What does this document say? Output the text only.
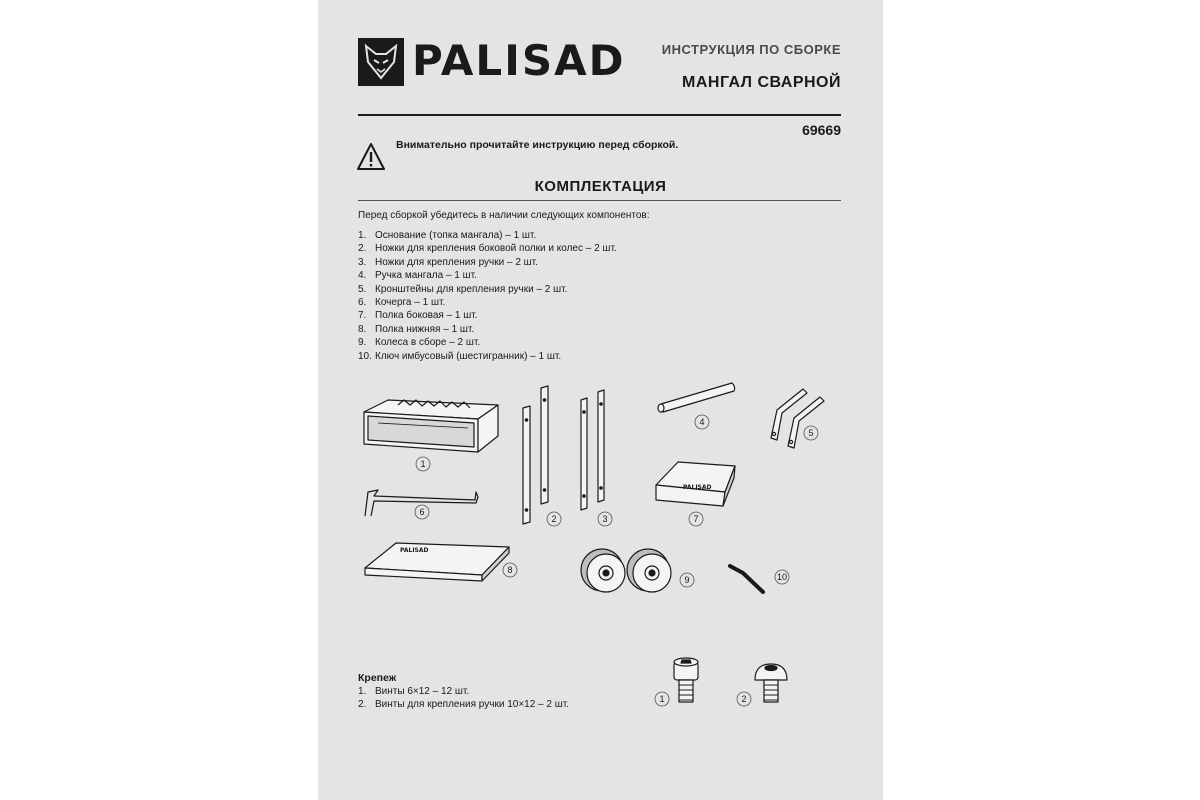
PALISAD	ИНСТРУКЦИЯ ПО СБОРКЕ
МАНГАЛ СВАРНОЙ
69669
Внимательно прочитайте инструкцию перед сборкой.
КОМПЛЕКТАЦИЯ
Перед сборкой убедитесь в наличии следующих компонентов:
1. Основание (топка мангала) – 1 шт.
2. Ножки для крепления боковой полки и колес – 2 шт.
3. Ножки для крепления ручки – 2 шт.
4. Ручка мангала – 1 шт.
5. Кронштейны для крепления ручки – 2 шт.
6. Кочерга – 1 шт.
7. Полка боковая – 1 шт.
8. Полка нижняя – 1 шт.
9. Колеса в сборе – 2 шт.
10. Ключ имбусовый (шестигранник) – 1 шт.
PALISAD
PALISAD
1
2	3
4
5
6
7
8
9	10
1	2
Крепеж
1. Винты 6×12 – 12 шт.
2. Винты для крепления ручки 10×12 – 2 шт.
